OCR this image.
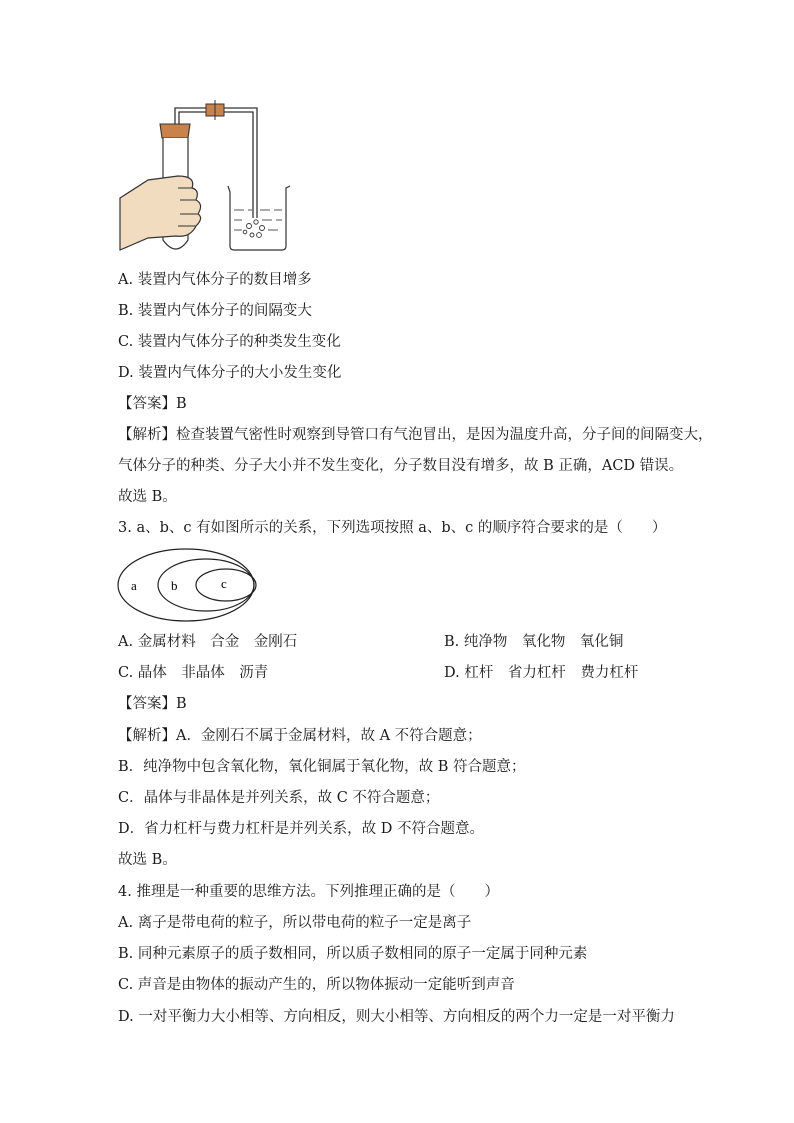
A. 装置内气体分子的数目增多
B. 装置内气体分子的间隔变大
C. 装置内气体分子的种类发生变化
D. 装置内气体分子的大小发生变化
【答案】B
【解析】检查装置气密性时观察到导管口有气泡冒出，是因为温度升高，分子间的间隔变大，
气体分子的种类、分子大小并不发生变化，分子数目没有增多，故 B 正确，ACD 错误。
故选 B。
3. a、b、c 有如图所示的关系，下列选项按照 a、b、c 的顺序符合要求的是（　　）
a	b	c
A. 金属材料　合金　金刚石	B. 纯净物　氧化物　氧化铜
C. 晶体　非晶体　沥青	D. 杠杆　省力杠杆　费力杠杆
【答案】B
【解析】A．金刚石不属于金属材料，故 A 不符合题意；
B．纯净物中包含氧化物，氧化铜属于氧化物，故 B 符合题意；
C．晶体与非晶体是并列关系，故 C 不符合题意；
D．省力杠杆与费力杠杆是并列关系，故 D 不符合题意。
故选 B。
4. 推理是一种重要的思维方法。下列推理正确的是（　　）
A. 离子是带电荷的粒子，所以带电荷的粒子一定是离子
B. 同种元素原子的质子数相同，所以质子数相同的原子一定属于同种元素
C. 声音是由物体的振动产生的，所以物体振动一定能听到声音
D. 一对平衡力大小相等、方向相反，则大小相等、方向相反的两个力一定是一对平衡力
